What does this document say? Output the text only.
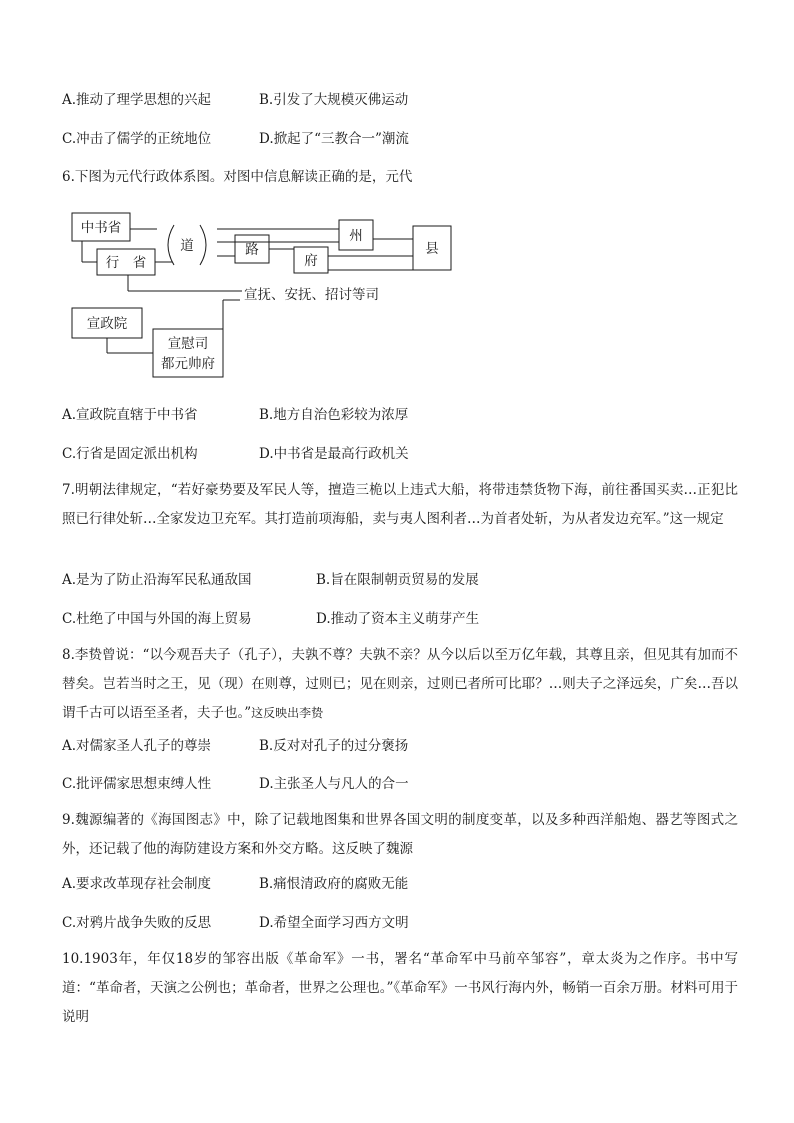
A.推动了理学思想的兴起	B.引发了大规模灭佛运动
C.冲击了儒学的正统地位	D.掀起了“三教合一”潮流
6.下图为元代行政体系图。对图中信息解读正确的是，元代
中书省
行　省
道	路
府
州
县
宣抚、安抚、招讨等司
宣政院
宣慰司
都元帅府
A.宣政院直辖于中书省	B.地方自治色彩较为浓厚
C.行省是固定派出机构	D.中书省是最高行政机关
7.明朝法律规定，“若好豪势要及军民人等，擅造三桅以上违式大船，将带违禁货物下海，前往番国买卖…正犯比照已行律处斩…全家发边卫充军。其打造前项海船，卖与夷人图利者…为首者处斩，为从者发边充军。”这一规定
A.是为了防止沿海军民私通敌国	B.旨在限制朝贡贸易的发展
C.杜绝了中国与外国的海上贸易	D.推动了资本主义萌芽产生
8.李贽曾说：“以今观吾夫子（孔子），夫孰不尊？夫孰不亲？从今以后以至万亿年载，其尊且亲，但见其有加而不替矣。岂若当时之王，见（现）在则尊，过则已；见在则亲，过则已者所可比耶？…则夫子之泽远矣，广矣…吾以谓千古可以语至圣者，夫子也。”这反映出李贽
A.对儒家圣人孔子的尊崇	B.反对对孔子的过分褒扬
C.批评儒家思想束缚人性	D.主张圣人与凡人的合一
9.魏源编著的《海国图志》中，除了记载地图集和世界各国文明的制度变革，以及多种西洋船炮、器艺等图式之外，还记载了他的海防建设方案和外交方略。这反映了魏源
A.要求改革现存社会制度	B.痛恨清政府的腐败无能
C.对鸦片战争失败的反思	D.希望全面学习西方文明
10.1903年，年仅18岁的邹容出版《革命军》一书，署名“革命军中马前卒邹容”，章太炎为之作序。书中写道：“革命者，天演之公例也；革命者，世界之公理也。”《革命军》一书风行海内外，畅销一百余万册。材料可用于说明
